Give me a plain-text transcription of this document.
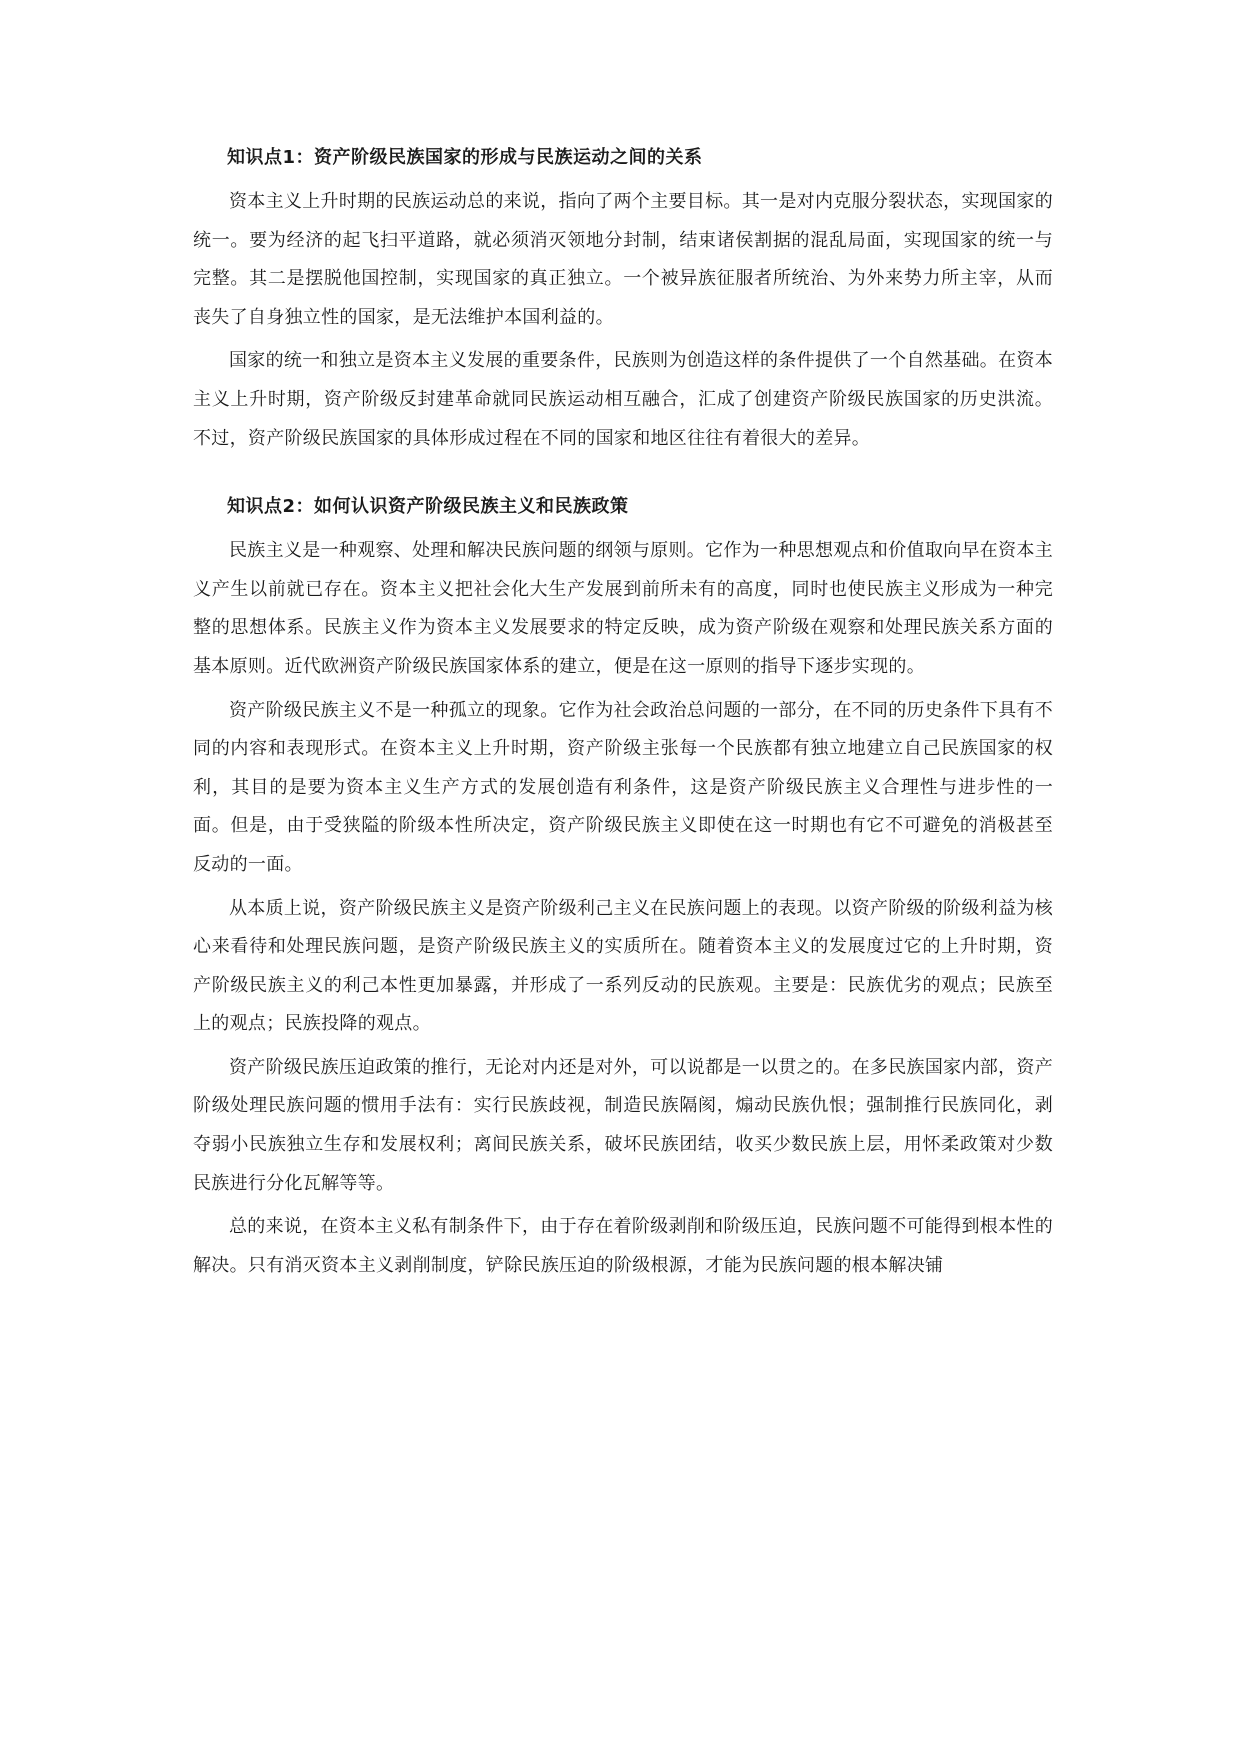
知识点1：资产阶级民族国家的形成与民族运动之间的关系

资本主义上升时期的民族运动总的来说，指向了两个主要目标。其一是对内克服分裂状态，实现国家的统一。要为经济的起飞扫平道路，就必须消灭领地分封制，结束诸侯割据的混乱局面，实现国家的统一与完整。其二是摆脱他国控制，实现国家的真正独立。一个被异族征服者所统治、为外来势力所主宰，从而丧失了自身独立性的国家，是无法维护本国利益的。

国家的统一和独立是资本主义发展的重要条件，民族则为创造这样的条件提供了一个自然基础。在资本主义上升时期，资产阶级反封建革命就同民族运动相互融合，汇成了创建资产阶级民族国家的历史洪流。不过，资产阶级民族国家的具体形成过程在不同的国家和地区往往有着很大的差异。

知识点2：如何认识资产阶级民族主义和民族政策

民族主义是一种观察、处理和解决民族问题的纲领与原则。它作为一种思想观点和价值取向早在资本主义产生以前就已存在。资本主义把社会化大生产发展到前所未有的高度，同时也使民族主义形成为一种完整的思想体系。民族主义作为资本主义发展要求的特定反映，成为资产阶级在观察和处理民族关系方面的基本原则。近代欧洲资产阶级民族国家体系的建立，便是在这一原则的指导下逐步实现的。

资产阶级民族主义不是一种孤立的现象。它作为社会政治总问题的一部分，在不同的历史条件下具有不同的内容和表现形式。在资本主义上升时期，资产阶级主张每一个民族都有独立地建立自己民族国家的权利，其目的是要为资本主义生产方式的发展创造有利条件，这是资产阶级民族主义合理性与进步性的一面。但是，由于受狭隘的阶级本性所决定，资产阶级民族主义即使在这一时期也有它不可避免的消极甚至反动的一面。

从本质上说，资产阶级民族主义是资产阶级利己主义在民族问题上的表现。以资产阶级的阶级利益为核心来看待和处理民族问题，是资产阶级民族主义的实质所在。随着资本主义的发展度过它的上升时期，资产阶级民族主义的利己本性更加暴露，并形成了一系列反动的民族观。主要是：民族优劣的观点；民族至上的观点；民族投降的观点。

资产阶级民族压迫政策的推行，无论对内还是对外，可以说都是一以贯之的。在多民族国家内部，资产阶级处理民族问题的惯用手法有：实行民族歧视，制造民族隔阂，煽动民族仇恨；强制推行民族同化，剥夺弱小民族独立生存和发展权利；离间民族关系，破坏民族团结，收买少数民族上层，用怀柔政策对少数民族进行分化瓦解等等。

总的来说，在资本主义私有制条件下，由于存在着阶级剥削和阶级压迫，民族问题不可能得到根本性的解决。只有消灭资本主义剥削制度，铲除民族压迫的阶级根源，才能为民族问题的根本解决铺
